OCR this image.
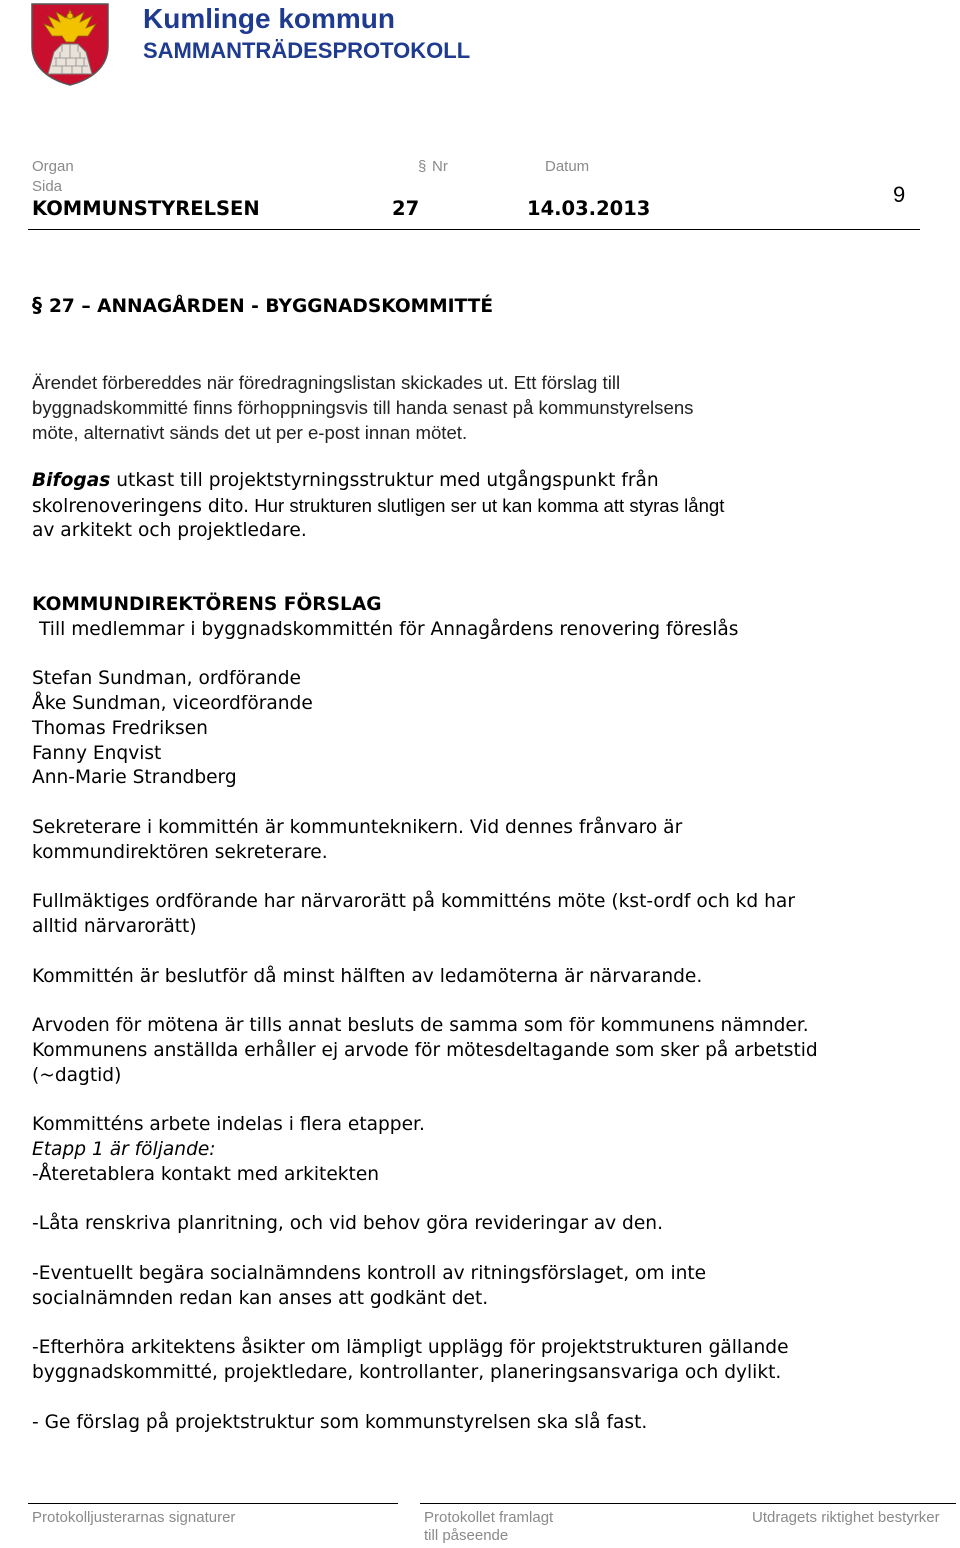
Kumlinge kommun
SAMMANTRÄDESPROTOKOLL
Organ
Sida
§ Nr	Datum
KOMMUNSTYRELSEN	27	14.03.2013
9
§ 27 – ANNAGÅRDEN - BYGGNADSKOMMITTÉ
Ärendet förbereddes när föredragningslistan skickades ut. Ett förslag till
byggnadskommitté finns förhoppningsvis till handa senast på kommunstyrelsens
möte, alternativt sänds det ut per e-post innan mötet.
Bifogas utkast till projektstyrningsstruktur med utgångspunkt från
skolrenoveringens dito. Hur strukturen slutligen ser ut kan komma att styras långt
av arkitekt och projektledare.
KOMMUNDIREKTÖRENS FÖRSLAG
Till medlemmar i byggnadskommittén för Annagårdens renovering föreslås
Stefan Sundman, ordförande
Åke Sundman, viceordförande
Thomas Fredriksen
Fanny Enqvist
Ann-Marie Strandberg
Sekreterare i kommittén är kommunteknikern. Vid dennes frånvaro är
kommundirektören sekreterare.
Fullmäktiges ordförande har närvarorätt på kommitténs möte (kst-ordf och kd har
alltid närvarorätt)
Kommittén är beslutför då minst hälften av ledamöterna är närvarande.
Arvoden för mötena är tills annat besluts de samma som för kommunens nämnder.
Kommunens anställda erhåller ej arvode för mötesdeltagande som sker på arbetstid
(~dagtid)
Kommitténs arbete indelas i flera etapper.
Etapp 1 är följande:
-Återetablera kontakt med arkitekten
-Låta renskriva planritning, och vid behov göra revideringar av den.
-Eventuellt begära socialnämndens kontroll av ritningsförslaget, om inte
socialnämnden redan kan anses att godkänt det.
-Efterhöra arkitektens åsikter om lämpligt upplägg för projektstrukturen gällande
byggnadskommitté, projektledare, kontrollanter, planeringsansvariga och dylikt.
- Ge förslag på projektstruktur som kommunstyrelsen ska slå fast.
Protokolljusterarnas signaturer	Protokollet framlagt
till påseende
Utdragets riktighet bestyrker
